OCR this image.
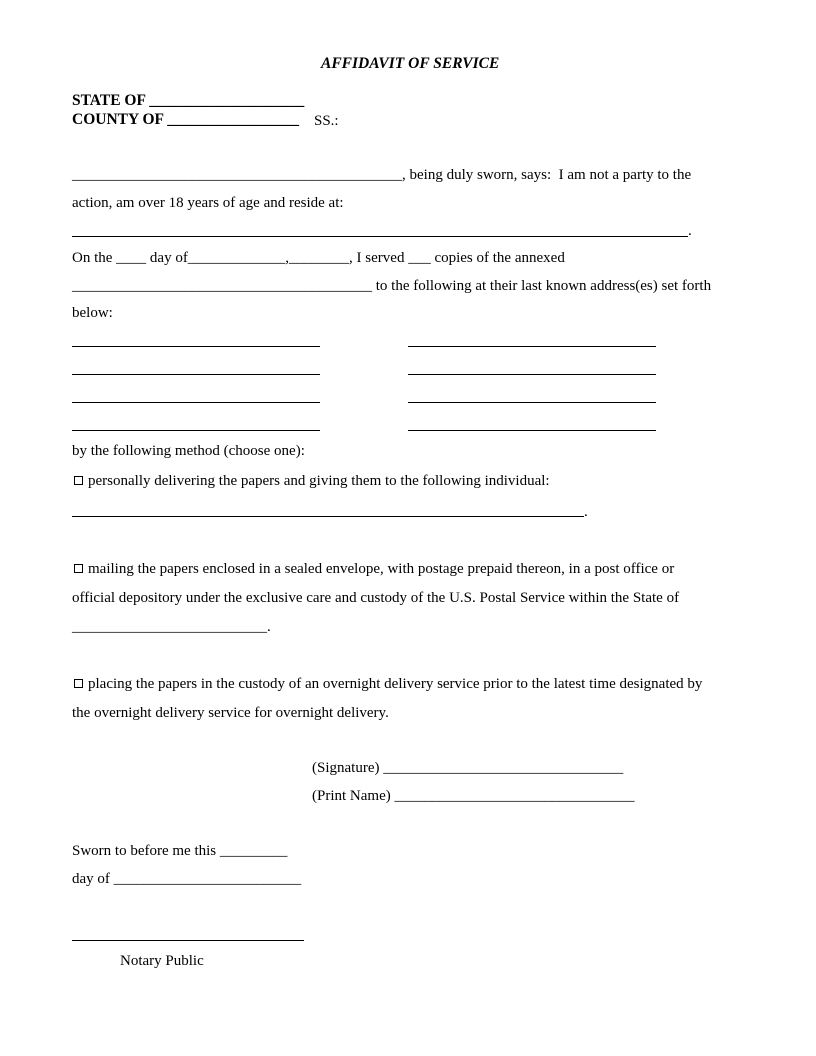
AFFIDAVIT OF SERVICE
STATE OF ____________________
COUNTY OF _________________ SS.:
____________________________________________, being duly sworn, says:  I am not a party to the
action, am over 18 years of age and reside at:
.
On the ____ day of_____________,________, I served ___ copies of the annexed
________________________________________ to the following at their last known address(es) set forth
below:
by the following method (choose one):
personally delivering the papers and giving them to the following individual:
.
mailing the papers enclosed in a sealed envelope, with postage prepaid thereon, in a post office or
official depository under the exclusive care and custody of the U.S. Postal Service within the State of
__________________________.
placing the papers in the custody of an overnight delivery service prior to the latest time designated by
the overnight delivery service for overnight delivery.
(Signature) ________________________________
(Print Name) ________________________________
Sworn to before me this _________
day of _________________________
Notary Public
